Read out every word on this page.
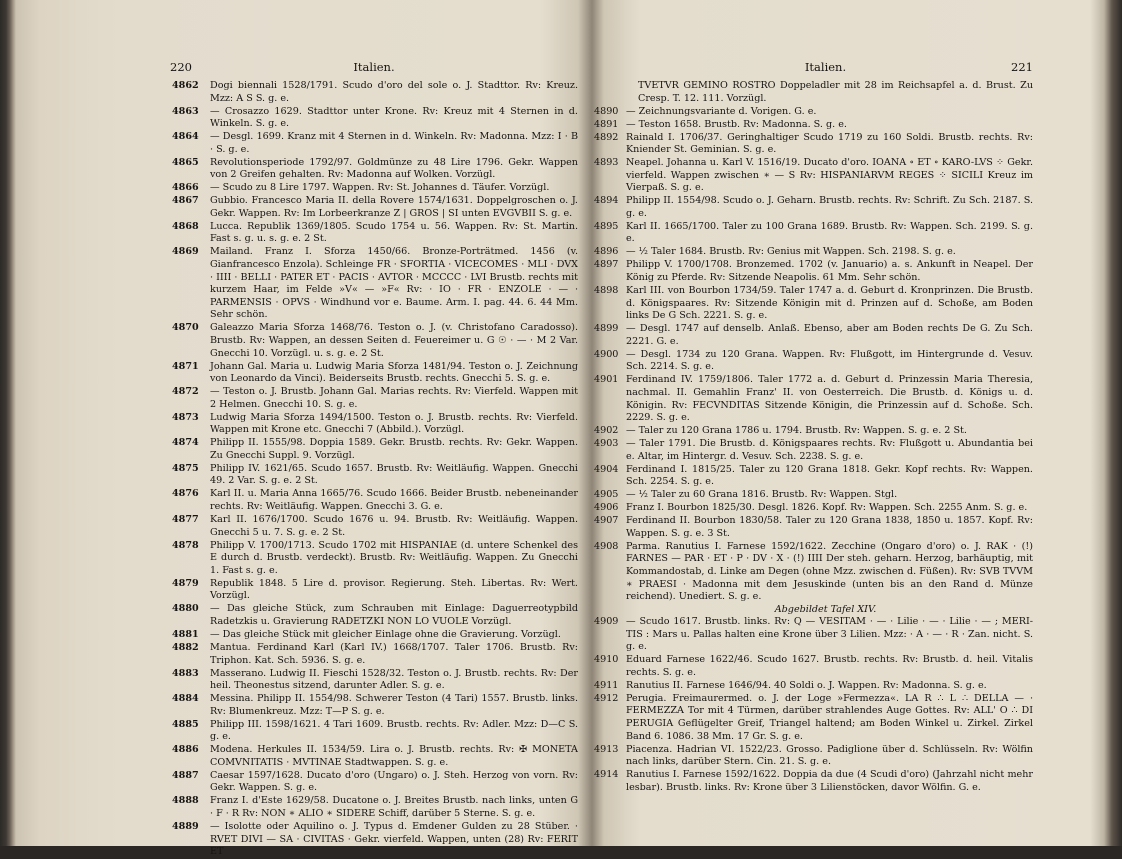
220	Italien.
4862 Dogi biennali 1528/1791. Scudo d'oro del sole o. J. Stadttor. Rv: Kreuz. Mzz: A S S. g. e.
4863 — Crosazzo 1629. Stadttor unter Krone. Rv: Kreuz mit 4 Sternen in d. Winkeln. S. g. e.
4864 — Desgl. 1699. Kranz mit 4 Sternen in d. Winkeln. Rv: Madonna. Mzz: I · B · S. g. e.
4865 Revolutionsperiode 1792/97. Goldmünze zu 48 Lire 1796. Gekr. Wappen von 2 Greifen gehalten. Rv: Madonna auf Wolken. Vorzügl.
4866 — Scudo zu 8 Lire 1797. Wappen. Rv: St. Johannes d. Täufer. Vorzügl.
4867 Gubbio. Francesco Maria II. della Rovere 1574/1631. Doppelgroschen o. J. Gekr. Wappen. Rv: Im Lorbeerkranze Z | GROS | SI unten EVGVBII S. g. e.
4868 Lucca. Republik 1369/1805. Scudo 1754 u. 56. Wappen. Rv: St. Martin. Fast s. g. u. s. g. e. 2 St.
4869 Mailand. Franz I. Sforza 1450/66. Bronze-Porträtmed. 1456 (v. Gianfrancesco Enzola). Schleinge FR · SFORTIA · VICECOMES · MLI · DVX · IIII · BELLI · PATER ET · PACIS · AVTOR · MCCCC · LVI Brustb. rechts mit kurzem Haar, im Felde »V« — »F« Rv: · IO · FR · ENZOLE · — · PARMENSIS · OPVS · Windhund vor e. Baume. Arm. I. pag. 44. 6. 44 Mm. Sehr schön.
4870 Galeazzo Maria Sforza 1468/76. Teston o. J. (v. Christofano Caradosso). Brustb. Rv: Wappen, an dessen Seiten d. Feuereimer u. G ☉ · — · M 2 Var. Gnecchi 10. Vorzügl. u. s. g. e. 2 St.
4871 Johann Gal. Maria u. Ludwig Maria Sforza 1481/94. Teston o. J. Zeichnung von Leonardo da Vinci). Beiderseits Brustb. rechts. Gnecchi 5. S. g. e.
4872 — Teston o. J. Brustb. Johann Gal. Marias rechts. Rv: Vierfeld. Wappen mit 2 Helmen. Gnecchi 10. S. g. e.
4873 Ludwig Maria Sforza 1494/1500. Teston o. J. Brustb. rechts. Rv: Vierfeld. Wappen mit Krone etc. Gnecchi 7 (Abbild.). Vorzügl.
4874 Philipp II. 1555/98. Doppia 1589. Gekr. Brustb. rechts. Rv: Gekr. Wappen. Zu Gnecchi Suppl. 9. Vorzügl.
4875 Philipp IV. 1621/65. Scudo 1657. Brustb. Rv: Weitläufig. Wappen. Gnecchi 49. 2 Var. S. g. e. 2 St.
4876 Karl II. u. Maria Anna 1665/76. Scudo 1666. Beider Brustb. nebeneinander rechts. Rv: Weitläufig. Wappen. Gnecchi 3. G. e.
4877 Karl II. 1676/1700. Scudo 1676 u. 94. Brustb. Rv: Weitläufig. Wappen. Gnecchi 5 u. 7. S. g. e. 2 St.
4878 Philipp V. 1700/1713. Scudo 1702 mit HISPANIAE (d. untere Schenkel des E durch d. Brustb. verdeckt). Brustb. Rv: Weitläufig. Wappen. Zu Gnecchi 1. Fast s. g. e.
4879 Republik 1848. 5 Lire d. provisor. Regierung. Steh. Libertas. Rv: Wert. Vorzügl.
4880 — Das gleiche Stück, zum Schrauben mit Einlage: Daguerreotypbild Radetzkis u. Gravierung RADETZKI NON LO VUOLE Vorzügl.
4881 — Das gleiche Stück mit gleicher Einlage ohne die Gravierung. Vorzügl.
4882 Mantua. Ferdinand Karl (Karl IV.) 1668/1707. Taler 1706. Brustb. Rv: Triphon. Kat. Sch. 5936. S. g. e.
4883 Masserano. Ludwig II. Fieschi 1528/32. Teston o. J. Brustb. rechts. Rv: Der heil. Theonestus sitzend, darunter Adler. S. g. e.
4884 Messina. Philipp II. 1554/98. Schwerer Teston (4 Tari) 1557. Brustb. links. Rv: Blumenkreuz. Mzz: T—P S. g. e.
4885 Philipp III. 1598/1621. 4 Tari 1609. Brustb. rechts. Rv: Adler. Mzz: D—C S. g. e.
4886 Modena. Herkules II. 1534/59. Lira o. J. Brustb. rechts. Rv: ✠ MONETA COMVNITATIS · MVTINAE Stadtwappen. S. g. e.
4887 Caesar 1597/1628. Ducato d'oro (Ungaro) o. J. Steh. Herzog von vorn. Rv: Gekr. Wappen. S. g. e.
4888 Franz I. d'Este 1629/58. Ducatone o. J. Breites Brustb. nach links, unten G · F · R Rv: NON ∗ ALIO ∗ SIDERE Schiff, darüber 5 Sterne. S. g. e.
4889 — Isolotte oder Aquilino o. J. Typus d. Emdener Gulden zu 28 Stüber. · RVET DIVI — SA · CIVITAS · Gekr. vierfeld. Wappen, unten (28) Rv: FERIT ET
Italien.	221
TVETVR GEMINO ROSTRO Doppeladler mit 28 im Reichsapfel a. d. Brust. Zu Cresp. T. 12. 111. Vorzügl.
4890 — Zeichnungsvariante d. Vorigen. G. e.
4891 — Teston 1658. Brustb. Rv: Madonna. S. g. e.
4892 Rainald I. 1706/37. Geringhaltiger Scudo 1719 zu 160 Soldi. Brustb. rechts. Rv: Kniender St. Geminian. S. g. e.
4893 Neapel. Johanna u. Karl V. 1516/19. Ducato d'oro. IOANA ∘ ET ∘ KARO-LVS ⁘ Gekr. vierfeld. Wappen zwischen ∗ — S Rv: HISPANIARVM REGES ⁘ SICILI Kreuz im Vierpaß. S. g. e.
4894 Philipp II. 1554/98. Scudo o. J. Geharn. Brustb. rechts. Rv: Schrift. Zu Sch. 2187. S. g. e.
4895 Karl II. 1665/1700. Taler zu 100 Grana 1689. Brustb. Rv: Wappen. Sch. 2199. S. g. e.
4896 — ½ Taler 1684. Brustb. Rv: Genius mit Wappen. Sch. 2198. S. g. e.
4897 Philipp V. 1700/1708. Bronzemed. 1702 (v. Januario) a. s. Ankunft in Neapel. Der König zu Pferde. Rv: Sitzende Neapolis. 61 Mm. Sehr schön.
4898 Karl III. von Bourbon 1734/59. Taler 1747 a. d. Geburt d. Kronprinzen. Die Brustb. d. Königspaares. Rv: Sitzende Königin mit d. Prinzen auf d. Schoße, am Boden links De G Sch. 2221. S. g. e.
4899 — Desgl. 1747 auf denselb. Anlaß. Ebenso, aber am Boden rechts De G. Zu Sch. 2221. G. e.
4900 — Desgl. 1734 zu 120 Grana. Wappen. Rv: Flußgott, im Hintergrunde d. Vesuv. Sch. 2214. S. g. e.
4901 Ferdinand IV. 1759/1806. Taler 1772 a. d. Geburt d. Prinzessin Maria Theresia, nachmal. II. Gemahlin Franz' II. von Oesterreich. Die Brustb. d. Königs u. d. Königin. Rv: FECVNDITAS Sitzende Königin, die Prinzessin auf d. Schoße. Sch. 2229. S. g. e.
4902 — Taler zu 120 Grana 1786 u. 1794. Brustb. Rv: Wappen. S. g. e. 2 St.
4903 — Taler 1791. Die Brustb. d. Königspaares rechts. Rv: Flußgott u. Abundantia bei e. Altar, im Hintergr. d. Vesuv. Sch. 2238. S. g. e.
4904 Ferdinand I. 1815/25. Taler zu 120 Grana 1818. Gekr. Kopf rechts. Rv: Wappen. Sch. 2254. S. g. e.
4905 — ½ Taler zu 60 Grana 1816. Brustb. Rv: Wappen. Stgl.
4906 Franz I. Bourbon 1825/30. Desgl. 1826. Kopf. Rv: Wappen. Sch. 2255 Anm. S. g. e.
4907 Ferdinand II. Bourbon 1830/58. Taler zu 120 Grana 1838, 1850 u. 1857. Kopf. Rv: Wappen. S. g. e. 3 St.
4908 Parma. Ranutius I. Farnese 1592/1622. Zecchine (Ongaro d'oro) o. J. RAK · (!) FARNES — PAR · ET · P · DV · X · (!) IIII Der steh. geharn. Herzog, barhäuptig, mit Kommandostab, d. Linke am Degen (ohne Mzz. zwischen d. Füßen). Rv: SVB TVVM ∗ PRAESI · Madonna mit dem Jesuskinde (unten bis an den Rand d. Münze reichend). Unediert. S. g. e.
Abgebildet Tafel XIV.
4909 — Scudo 1617. Brustb. links. Rv: Q — VESITAM · — · Lilie · — · Lilie · — ; MERI-TIS : Mars u. Pallas halten eine Krone über 3 Lilien. Mzz: · A · — · R · Zan. nicht. S. g. e.
4910 Eduard Farnese 1622/46. Scudo 1627. Brustb. rechts. Rv: Brustb. d. heil. Vitalis rechts. S. g. e.
4911 Ranutius II. Farnese 1646/94. 40 Soldi o. J. Wappen. Rv: Madonna. S. g. e.
4912 Perugia. Freimaurermed. o. J. der Loge »Fermezza«. LA R ∴ L ∴ DELLA — · FERMEZZA Tor mit 4 Türmen, darüber strahlendes Auge Gottes. Rv: ALL' O ∴ DI PERUGIA Geflügelter Greif, Triangel haltend; am Boden Winkel u. Zirkel. Zirkel Band 6. 1086. 38 Mm. 17 Gr. S. g. e.
4913 Piacenza. Hadrian VI. 1522/23. Grosso. Padiglione über d. Schlüsseln. Rv: Wölfin nach links, darüber Stern. Cin. 21. S. g. e.
4914 Ranutius I. Farnese 1592/1622. Doppia da due (4 Scudi d'oro) (Jahrzahl nicht mehr lesbar). Brustb. links. Rv: Krone über 3 Lilienstöcken, davor Wölfin. G. e.
